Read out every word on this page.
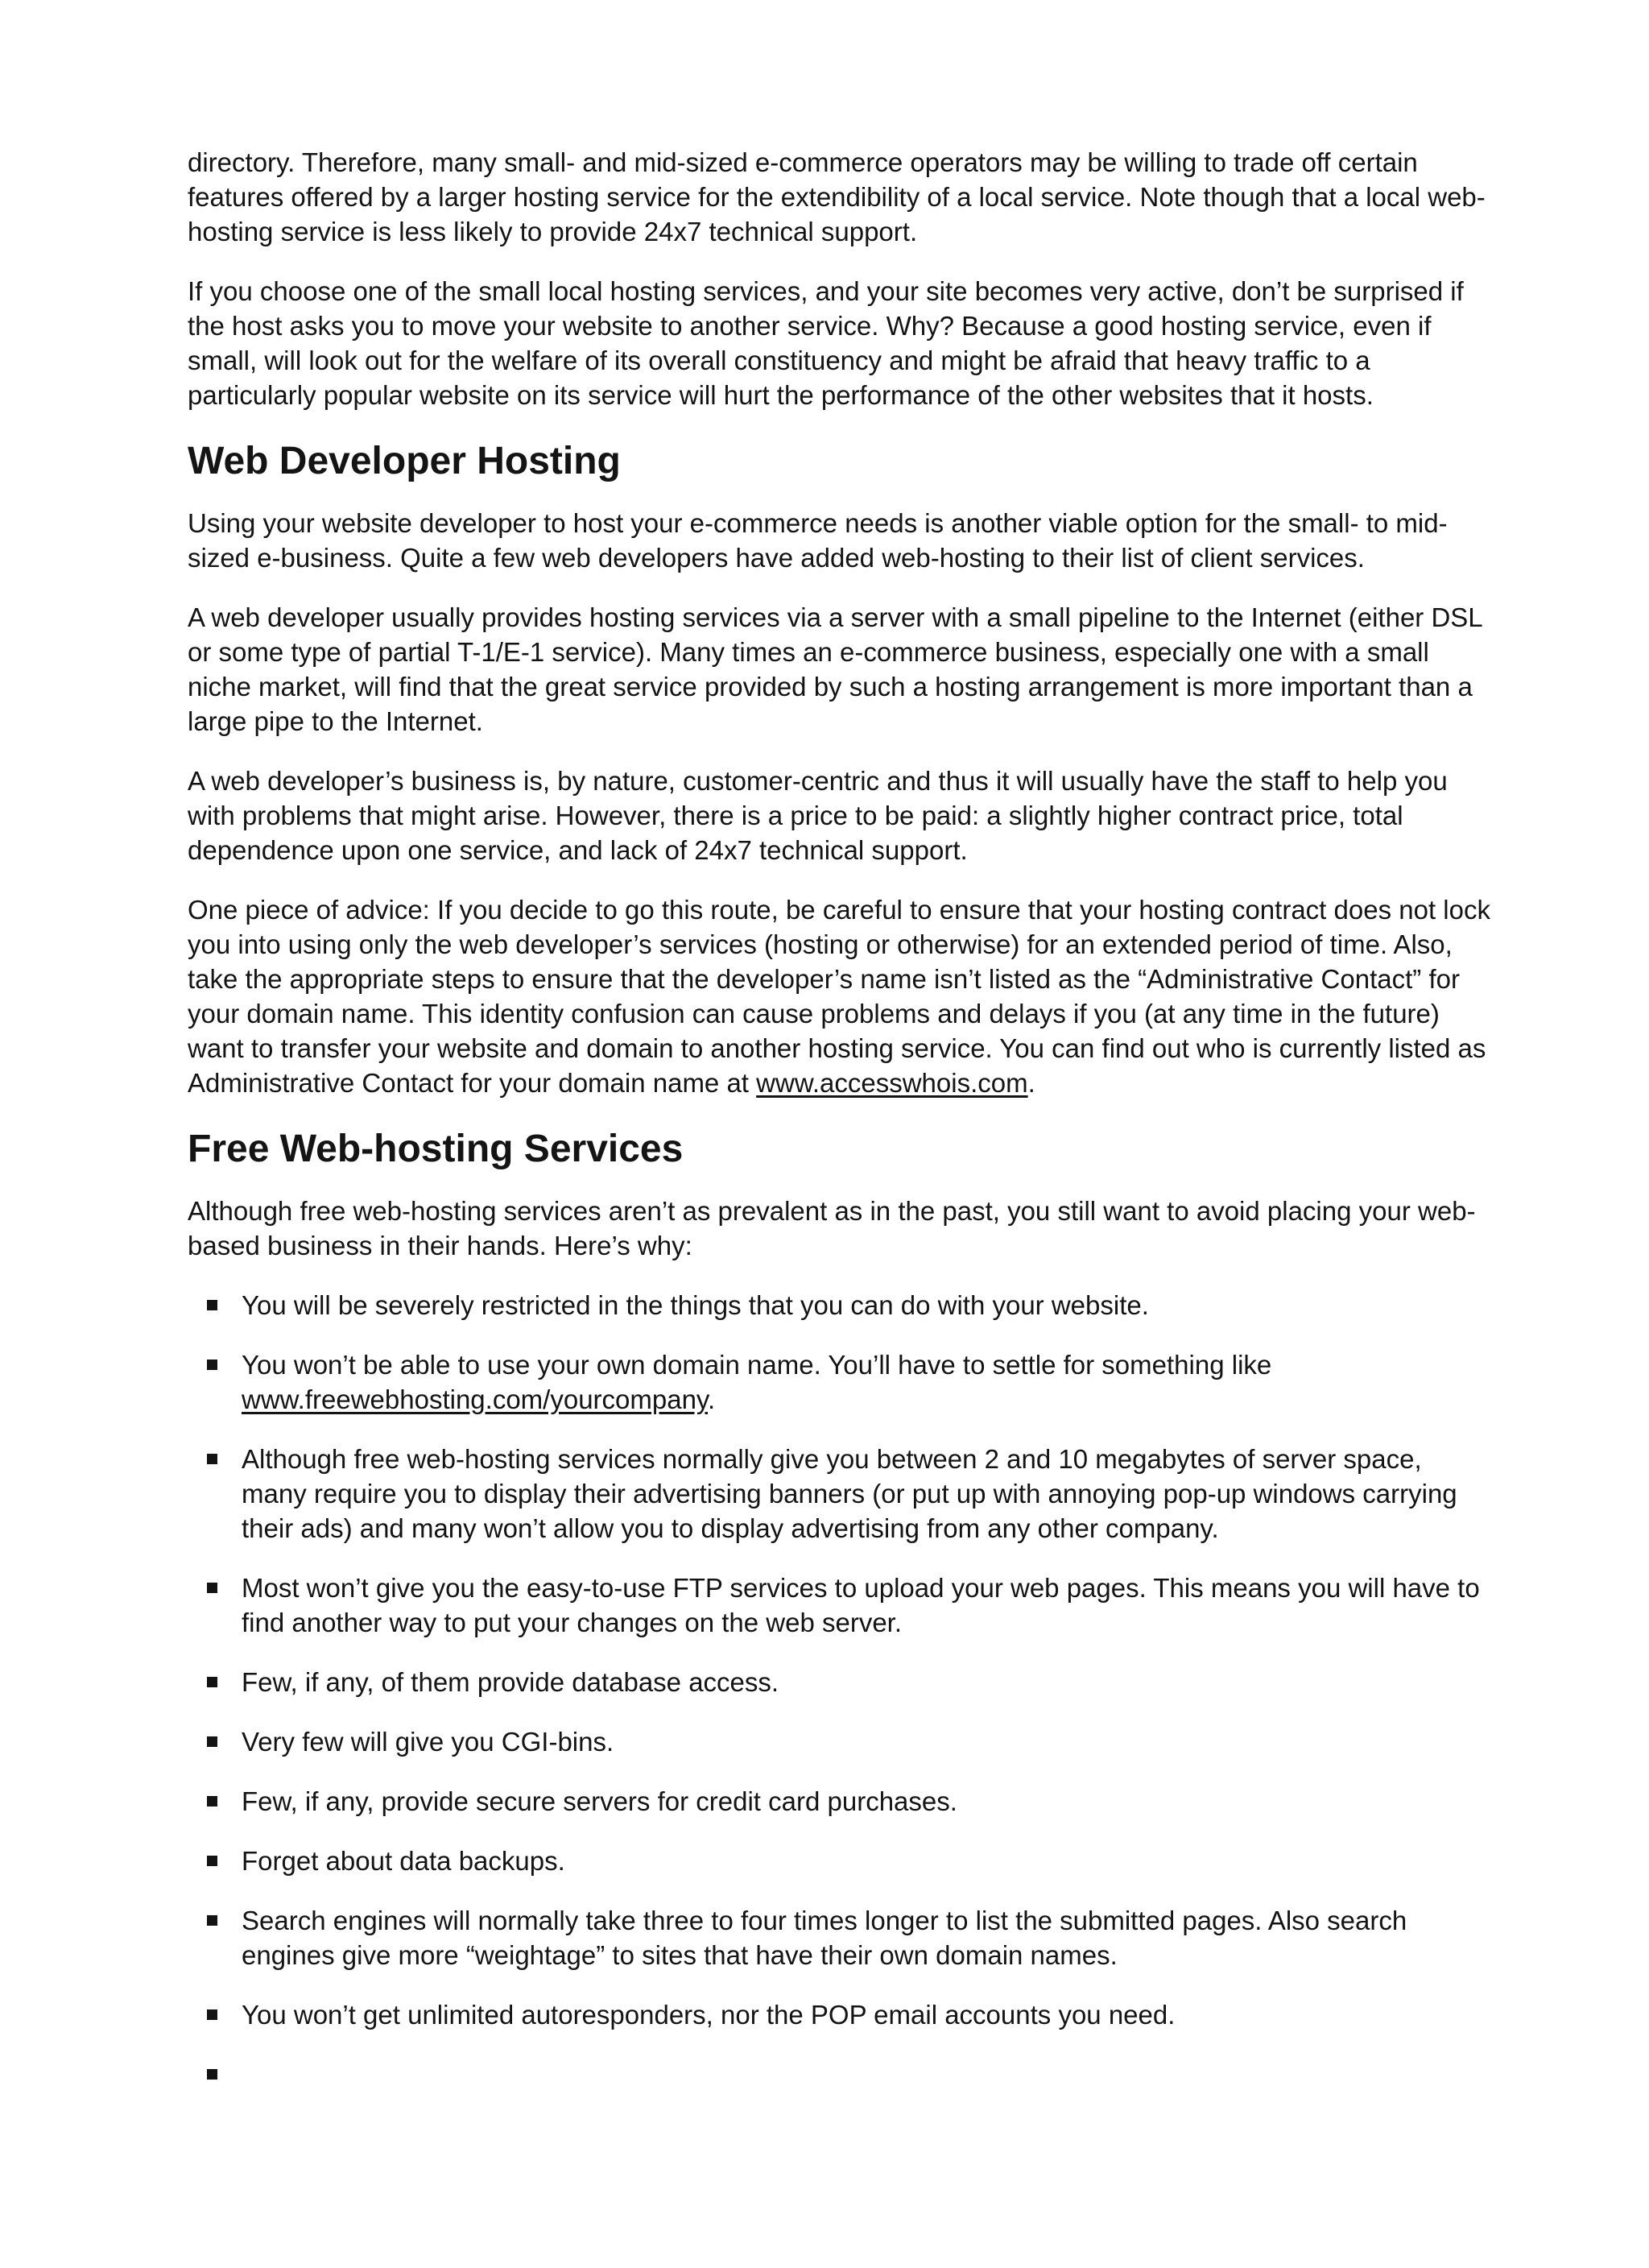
directory. Therefore, many small- and mid-sized e-commerce operators may be willing to trade off certain features offered by a larger hosting service for the extendibility of a local service. Note though that a local web-hosting service is less likely to provide 24x7 technical support.

If you choose one of the small local hosting services, and your site becomes very active, don’t be surprised if the host asks you to move your website to another service. Why? Because a good hosting service, even if small, will look out for the welfare of its overall constituency and might be afraid that heavy traffic to a particularly popular website on its service will hurt the performance of the other websites that it hosts.

Web Developer Hosting

Using your website developer to host your e-commerce needs is another viable option for the small- to mid-sized e-business. Quite a few web developers have added web-hosting to their list of client services.

A web developer usually provides hosting services via a server with a small pipeline to the Internet (either DSL or some type of partial T-1/E-1 service). Many times an e-commerce business, especially one with a small niche market, will find that the great service provided by such a hosting arrangement is more important than a large pipe to the Internet.

A web developer’s business is, by nature, customer-centric and thus it will usually have the staff to help you with problems that might arise. However, there is a price to be paid: a slightly higher contract price, total dependence upon one service, and lack of 24x7 technical support.

One piece of advice: If you decide to go this route, be careful to ensure that your hosting contract does not lock you into using only the web developer’s services (hosting or otherwise) for an extended period of time. Also, take the appropriate steps to ensure that the developer’s name isn’t listed as the “Administrative Contact” for your domain name. This identity confusion can cause problems and delays if you (at any time in the future) want to transfer your website and domain to another hosting service. You can find out who is currently listed as Administrative Contact for your domain name at www.accesswhois.com.

Free Web-hosting Services

Although free web-hosting services aren’t as prevalent as in the past, you still want to avoid placing your web-based business in their hands. Here’s why:

You will be severely restricted in the things that you can do with your website.
You won’t be able to use your own domain name. You’ll have to settle for something like www.freewebhosting.com/yourcompany.
Although free web-hosting services normally give you between 2 and 10 megabytes of server space, many require you to display their advertising banners (or put up with annoying pop-up windows carrying their ads) and many won’t allow you to display advertising from any other company.
Most won’t give you the easy-to-use FTP services to upload your web pages. This means you will have to find another way to put your changes on the web server.
Few, if any, of them provide database access.
Very few will give you CGI-bins.
Few, if any, provide secure servers for credit card purchases.
Forget about data backups.
Search engines will normally take three to four times longer to list the submitted pages. Also search engines give more “weightage” to sites that have their own domain names.
You won’t get unlimited autoresponders, nor the POP email accounts you need.
